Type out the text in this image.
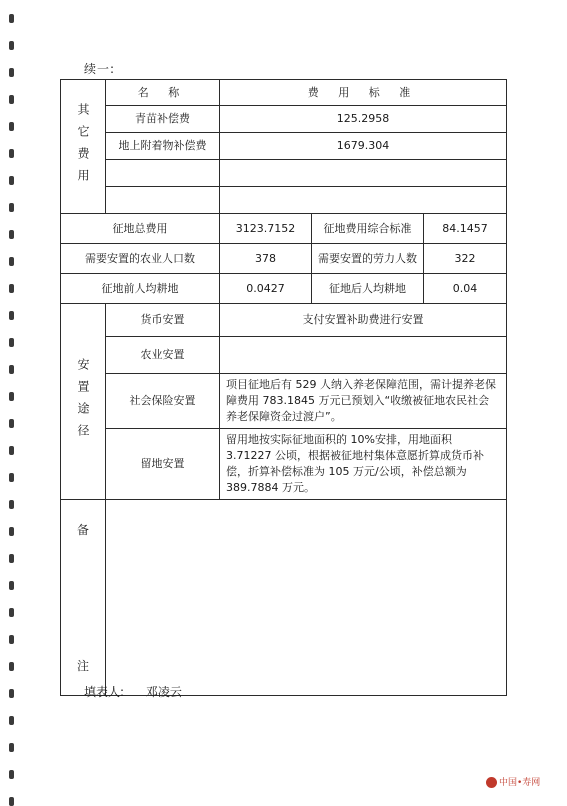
续一:
其它费用	名 称	费 用 标 准		
	青苗补偿费	125.2958		
	地上附着物补偿费	1679.304		

征地总费用		3123.7152	征地费用综合标准	84.1457
需要安置的农业人口数		378	需要安置的劳力人数	322
征地前人均耕地		0.0427	征地后人均耕地	0.04

安置途径	货币安置	支付安置补助费进行安置		
	农业安置			
	社会保险安置	项目征地后有 529 人纳入养老保障范围，需计提养老保障费用 783.1845 万元已预划入“收缴被征地农民社会养老保障资金过渡户”。		
	留地安置	留用地按实际征地面积的 10%安排，用地面积 3.71227 公顷，根据被征地村集体意愿折算成货币补偿，折算补偿标准为 105 万元/公顷，补偿总额为 389.7884 万元。		

备
注				

填表人: 邓凌云
中国•寿网
